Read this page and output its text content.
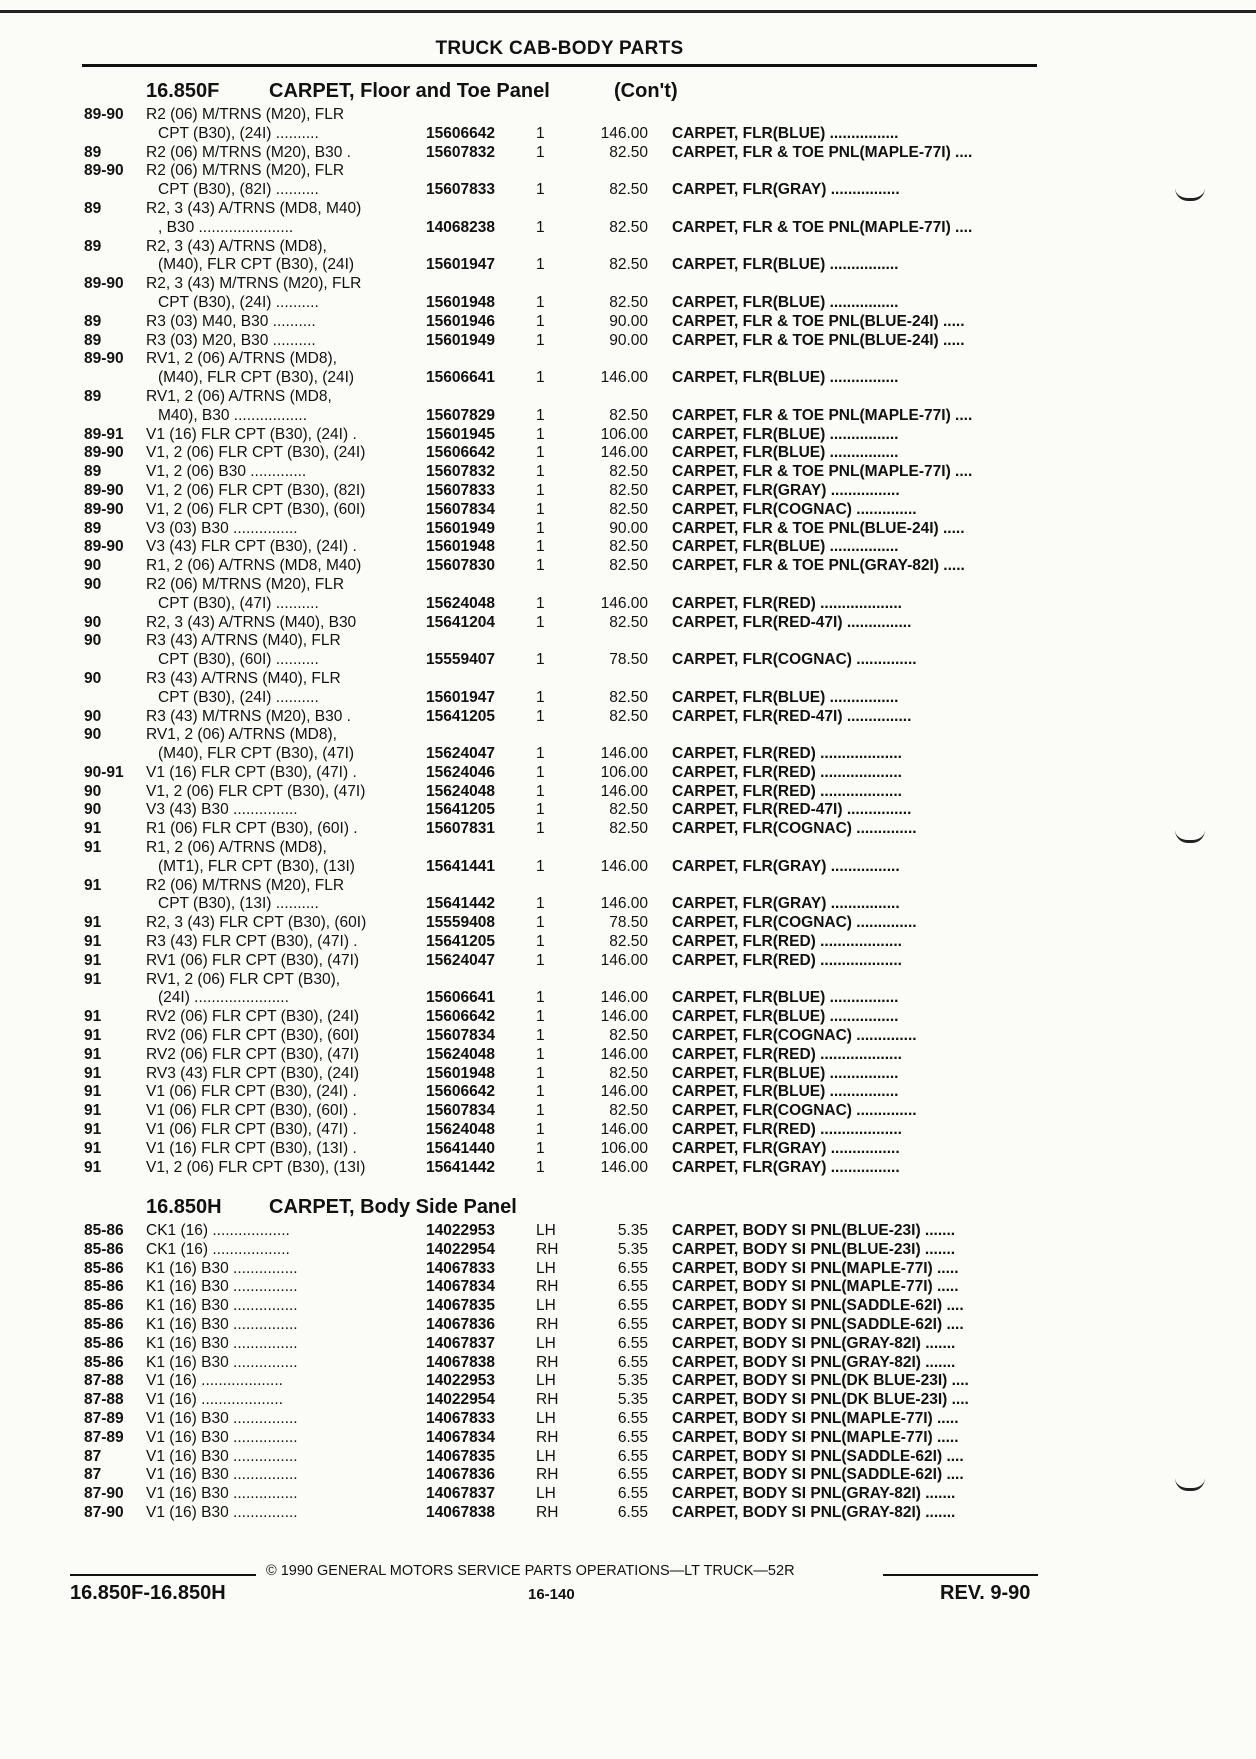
TRUCK CAB-BODY PARTS
16.850F CARPET, Floor and Toe Panel	(Con't)
89-90 R2 (06) M/TRNS (M20), FLR
CPT (B30), (24I) ..........	15606642	1	146.00 CARPET, FLR(BLUE) ................
89	R2 (06) M/TRNS (M20), B30 .	15607832	1	82.50 CARPET, FLR & TOE PNL(MAPLE-77I) ....
89-90 R2 (06) M/TRNS (M20), FLR
CPT (B30), (82I) ..........	15607833	1	82.50 CARPET, FLR(GRAY) ................
89	R2, 3 (43) A/TRNS (MD8, M40)
, B30 ......................	14068238	1	82.50 CARPET, FLR & TOE PNL(MAPLE-77I) ....
89	R2, 3 (43) A/TRNS (MD8),
(M40), FLR CPT (B30), (24I)	15601947	1	82.50 CARPET, FLR(BLUE) ................
89-90 R2, 3 (43) M/TRNS (M20), FLR
CPT (B30), (24I) ..........	15601948	1	82.50 CARPET, FLR(BLUE) ................
89	R3 (03) M40, B30 ..........	15601946	1	90.00 CARPET, FLR & TOE PNL(BLUE-24I) .....
89	R3 (03) M20, B30 ..........	15601949	1	90.00 CARPET, FLR & TOE PNL(BLUE-24I) .....
89-90 RV1, 2 (06) A/TRNS (MD8),
(M40), FLR CPT (B30), (24I)	15606641	1	146.00 CARPET, FLR(BLUE) ................
89	RV1, 2 (06) A/TRNS (MD8,
M40), B30 .................	15607829	1	82.50 CARPET, FLR & TOE PNL(MAPLE-77I) ....
89-91 V1 (16) FLR CPT (B30), (24I) .	15601945	1	106.00 CARPET, FLR(BLUE) ................
89-90 V1, 2 (06) FLR CPT (B30), (24I)	15606642	1	146.00 CARPET, FLR(BLUE) ................
89	V1, 2 (06) B30 .............	15607832	1	82.50 CARPET, FLR & TOE PNL(MAPLE-77I) ....
89-90 V1, 2 (06) FLR CPT (B30), (82I)	15607833	1	82.50 CARPET, FLR(GRAY) ................
89-90 V1, 2 (06) FLR CPT (B30), (60I)	15607834	1	82.50 CARPET, FLR(COGNAC) ..............
89	V3 (03) B30 ...............	15601949	1	90.00 CARPET, FLR & TOE PNL(BLUE-24I) .....
89-90 V3 (43) FLR CPT (B30), (24I) .	15601948	1	82.50 CARPET, FLR(BLUE) ................
90	R1, 2 (06) A/TRNS (MD8, M40)	15607830	1	82.50 CARPET, FLR & TOE PNL(GRAY-82I) .....
90	R2 (06) M/TRNS (M20), FLR
CPT (B30), (47I) ..........	15624048	1	146.00 CARPET, FLR(RED) ...................
90	R2, 3 (43) A/TRNS (M40), B30	15641204	1	82.50 CARPET, FLR(RED-47I) ...............
90	R3 (43) A/TRNS (M40), FLR
CPT (B30), (60I) ..........	15559407	1	78.50 CARPET, FLR(COGNAC) ..............
90	R3 (43) A/TRNS (M40), FLR
CPT (B30), (24I) ..........	15601947	1	82.50 CARPET, FLR(BLUE) ................
90	R3 (43) M/TRNS (M20), B30 .	15641205	1	82.50 CARPET, FLR(RED-47I) ...............
90	RV1, 2 (06) A/TRNS (MD8),
(M40), FLR CPT (B30), (47I)	15624047	1	146.00 CARPET, FLR(RED) ...................
90-91 V1 (16) FLR CPT (B30), (47I) .	15624046	1	106.00 CARPET, FLR(RED) ...................
90	V1, 2 (06) FLR CPT (B30), (47I)	15624048	1	146.00 CARPET, FLR(RED) ...................
90	V3 (43) B30 ...............	15641205	1	82.50 CARPET, FLR(RED-47I) ...............
91	R1 (06) FLR CPT (B30), (60I) .	15607831	1	82.50 CARPET, FLR(COGNAC) ..............
91	R1, 2 (06) A/TRNS (MD8),
(MT1), FLR CPT (B30), (13I)	15641441	1	146.00 CARPET, FLR(GRAY) ................
91	R2 (06) M/TRNS (M20), FLR
CPT (B30), (13I) ..........	15641442	1	146.00 CARPET, FLR(GRAY) ................
91	R2, 3 (43) FLR CPT (B30), (60I)	15559408	1	78.50 CARPET, FLR(COGNAC) ..............
91	R3 (43) FLR CPT (B30), (47I) .	15641205	1	82.50 CARPET, FLR(RED) ...................
91	RV1 (06) FLR CPT (B30), (47I)	15624047	1	146.00 CARPET, FLR(RED) ...................
91	RV1, 2 (06) FLR CPT (B30),
(24I) ......................	15606641	1	146.00 CARPET, FLR(BLUE) ................
91	RV2 (06) FLR CPT (B30), (24I)	15606642	1	146.00 CARPET, FLR(BLUE) ................
91	RV2 (06) FLR CPT (B30), (60I)	15607834	1	82.50 CARPET, FLR(COGNAC) ..............
91	RV2 (06) FLR CPT (B30), (47I)	15624048	1	146.00 CARPET, FLR(RED) ...................
91	RV3 (43) FLR CPT (B30), (24I)	15601948	1	82.50 CARPET, FLR(BLUE) ................
91	V1 (06) FLR CPT (B30), (24I) .	15606642	1	146.00 CARPET, FLR(BLUE) ................
91	V1 (06) FLR CPT (B30), (60I) .	15607834	1	82.50 CARPET, FLR(COGNAC) ..............
91	V1 (06) FLR CPT (B30), (47I) .	15624048	1	146.00 CARPET, FLR(RED) ...................
91	V1 (16) FLR CPT (B30), (13I) .	15641440	1	106.00 CARPET, FLR(GRAY) ................
91	V1, 2 (06) FLR CPT (B30), (13I)	15641442	1	146.00 CARPET, FLR(GRAY) ................
16.850H CARPET, Body Side Panel
85-86 CK1 (16) ..................	14022953	LH	5.35 CARPET, BODY SI PNL(BLUE-23I) .......
85-86 CK1 (16) ..................	14022954	RH	5.35 CARPET, BODY SI PNL(BLUE-23I) .......
85-86 K1 (16) B30 ...............	14067833	LH	6.55 CARPET, BODY SI PNL(MAPLE-77I) .....
85-86 K1 (16) B30 ...............	14067834	RH	6.55 CARPET, BODY SI PNL(MAPLE-77I) .....
85-86 K1 (16) B30 ...............	14067835	LH	6.55 CARPET, BODY SI PNL(SADDLE-62I) ....
85-86 K1 (16) B30 ...............	14067836	RH	6.55 CARPET, BODY SI PNL(SADDLE-62I) ....
85-86 K1 (16) B30 ...............	14067837	LH	6.55 CARPET, BODY SI PNL(GRAY-82I) .......
85-86 K1 (16) B30 ...............	14067838	RH	6.55 CARPET, BODY SI PNL(GRAY-82I) .......
87-88 V1 (16) ...................	14022953	LH	5.35 CARPET, BODY SI PNL(DK BLUE-23I) ....
87-88 V1 (16) ...................	14022954	RH	5.35 CARPET, BODY SI PNL(DK BLUE-23I) ....
87-89 V1 (16) B30 ...............	14067833	LH	6.55 CARPET, BODY SI PNL(MAPLE-77I) .....
87-89 V1 (16) B30 ...............	14067834	RH	6.55 CARPET, BODY SI PNL(MAPLE-77I) .....
87	V1 (16) B30 ...............	14067835	LH	6.55 CARPET, BODY SI PNL(SADDLE-62I) ....
87	V1 (16) B30 ...............	14067836	RH	6.55 CARPET, BODY SI PNL(SADDLE-62I) ....
87-90 V1 (16) B30 ...............	14067837	LH	6.55 CARPET, BODY SI PNL(GRAY-82I) .......
87-90 V1 (16) B30 ...............	14067838	RH	6.55 CARPET, BODY SI PNL(GRAY-82I) .......
© 1990 GENERAL MOTORS SERVICE PARTS OPERATIONS—LT TRUCK—52R
16.850F-16.850H	16-140	REV. 9-90
